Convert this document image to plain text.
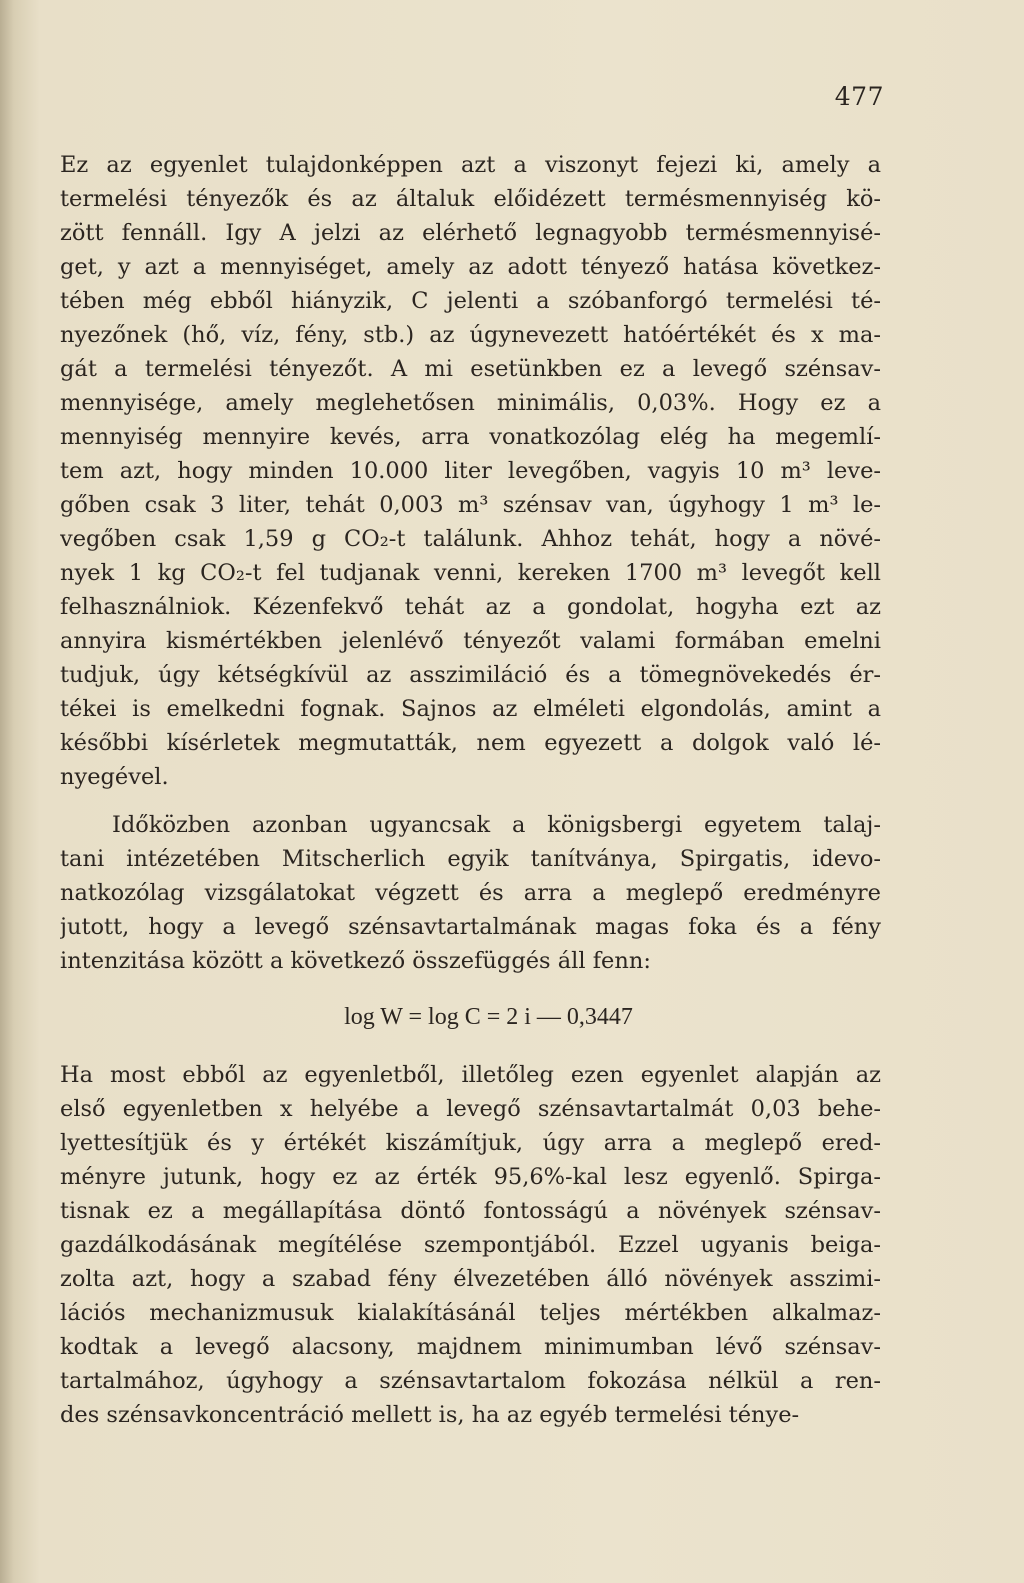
477
Ez az egyenlet tulajdonképpen azt a viszonyt fejezi ki, amely a
termelési tényezők és az általuk előidézett termésmennyiség kö-
zött fennáll. Igy A jelzi az elérhető legnagyobb termésmennyisé-
get, y azt a mennyiséget, amely az adott tényező hatása következ-
tében még ebből hiányzik, C jelenti a szóbanforgó termelési té-
nyezőnek (hő, víz, fény, stb.) az úgynevezett hatóértékét és x ma-
gát a termelési tényezőt. A mi esetünkben ez a levegő szénsav-
mennyisége, amely meglehetősen minimális, 0,03%. Hogy ez a
mennyiség mennyire kevés, arra vonatkozólag elég ha megemlí-
tem azt, hogy minden 10.000 liter levegőben, vagyis 10 m³ leve-
gőben csak 3 liter, tehát 0,003 m³ szénsav van, úgyhogy 1 m³ le-
vegőben csak 1,59 g CO₂-t találunk. Ahhoz tehát, hogy a növé-
nyek 1 kg CO₂-t fel tudjanak venni, kereken 1700 m³ levegőt kell
felhasználniok. Kézenfekvő tehát az a gondolat, hogyha ezt az
annyira kismértékben jelenlévő tényezőt valami formában emelni
tudjuk, úgy kétségkívül az asszimiláció és a tömegnövekedés ér-
tékei is emelkedni fognak. Sajnos az elméleti elgondolás, amint a
későbbi kísérletek megmutatták, nem egyezett a dolgok való lé-
nyegével.
Időközben azonban ugyancsak a königsbergi egyetem talaj-
tani intézetében Mitscherlich egyik tanítványa, Spirgatis, idevo-
natkozólag vizsgálatokat végzett és arra a meglepő eredményre
jutott, hogy a levegő szénsavtartalmának magas foka és a fény
intenzitása között a következő összefüggés áll fenn:
log W = log C = 2 i — 0,3447
Ha most ebből az egyenletből, illetőleg ezen egyenlet alapján az
első egyenletben x helyébe a levegő szénsavtartalmát 0,03 behe-
lyettesítjük és y értékét kiszámítjuk, úgy arra a meglepő ered-
ményre jutunk, hogy ez az érték 95,6%-kal lesz egyenlő. Spirga-
tisnak ez a megállapítása döntő fontosságú a növények szénsav-
gazdálkodásának megítélése szempontjából. Ezzel ugyanis beiga-
zolta azt, hogy a szabad fény élvezetében álló növények asszimi-
lációs mechanizmusuk kialakításánál teljes mértékben alkalmaz-
kodtak a levegő alacsony, majdnem minimumban lévő szénsav-
tartalmához, úgyhogy a szénsavtartalom fokozása nélkül a ren-
des szénsavkoncentráció mellett is, ha az egyéb termelési ténye-
